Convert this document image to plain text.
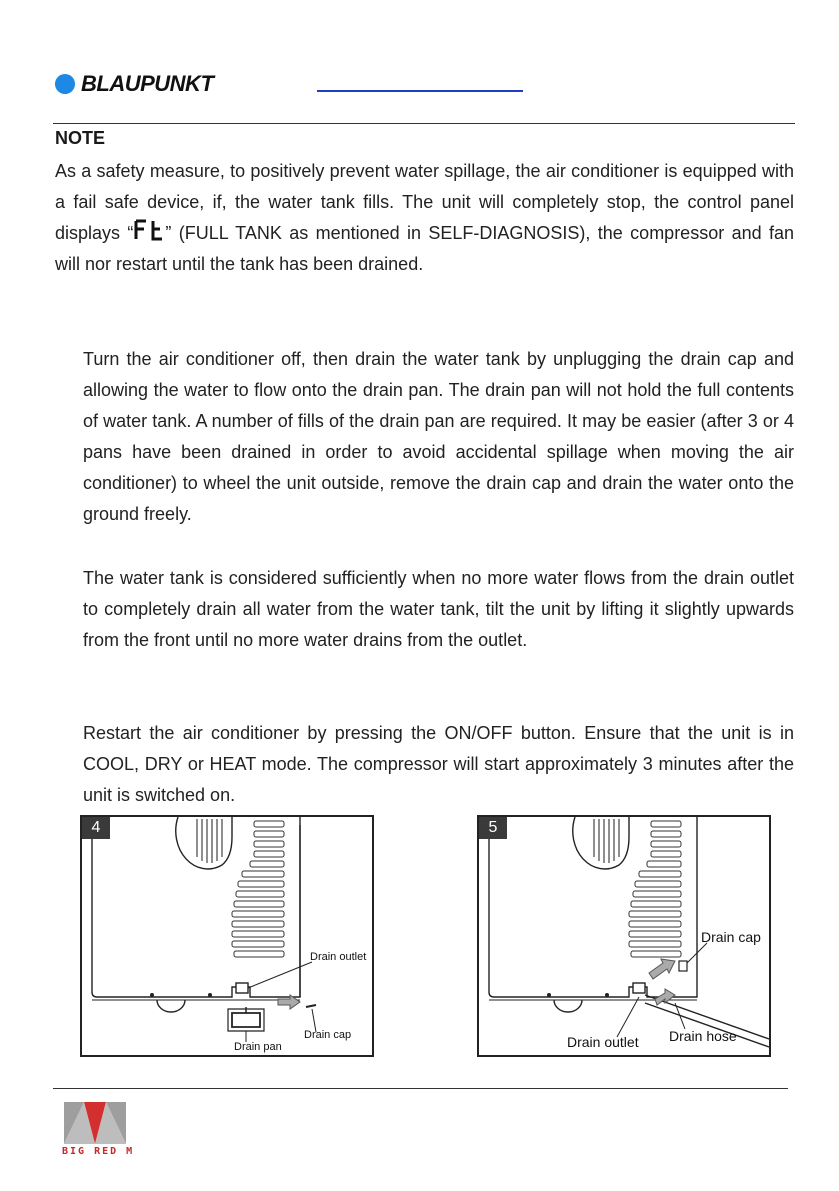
BLAUPUNKT
NOTE
As a safety measure, to positively prevent water spillage, the air conditioner is equipped with a fail safe device, if, the water tank fills. The unit will completely stop, the control panel displays “ ” (FULL TANK as mentioned in SELF-DIAGNOSIS), the compressor and fan will nor restart until the tank has been drained.
Turn the air conditioner off, then drain the water tank by unplugging the drain cap and allowing the water to flow onto the drain pan. The drain pan will not hold the full contents of water tank. A number of fills of the drain pan are required. It may be easier (after 3 or 4 pans have been drained in order to avoid accidental spillage when moving the air conditioner) to wheel the unit outside, remove the drain cap and drain the water onto the ground freely.
The water tank is considered sufficiently when no more water flows from the drain outlet to completely drain all water from the water tank, tilt the unit by lifting it slightly upwards from the front until no more water drains from the outlet.
Restart the air conditioner by pressing the ON/OFF button. Ensure that the unit is in COOL, DRY or HEAT mode. The compressor will start approximately 3 minutes after the unit is switched on.
4
Drain outlet
Drain cap
Drain pan
5
Drain cap
Drain outlet Drain hose
BIG RED M
